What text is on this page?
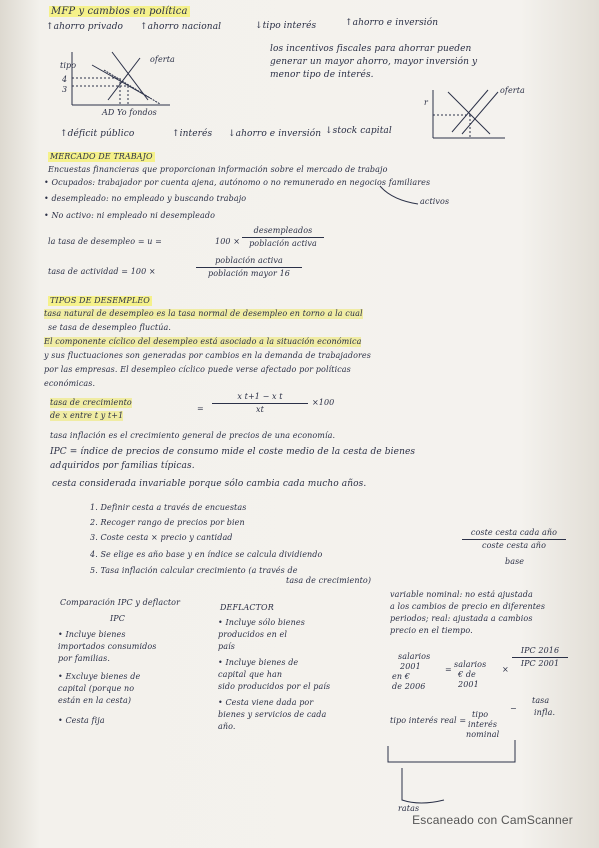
MFP y cambios en política

↑ahorro privado ↑ahorro nacional	↓tipo interés	↑ahorro e inversión

tipo

oferta

4

3

AD Yo fondos

los incentivos fiscales para ahorrar pueden

generar un mayor ahorro, mayor inversión y

menor tipo de interés.

r

oferta

↑déficit público	↑interés ↓ahorro e inversión ↓stock capital

MERCADO DE TRABAJO

Encuestas financieras que proporcionan información sobre el mercado de trabajo

• Ocupados: trabajador por cuenta ajena, autónomo o no remunerado en negocios familiares

• desempleado: no empleado y buscando trabajo

• No activo: ni empleado ni desempleado

activos

la tasa de desempleo = u =	100 ×

desempleados
población activa

tasa de actividad = 100 ×

población activa
población mayor 16

TIPOS DE DESEMPLEO

tasa natural de desempleo es la tasa normal de desempleo en torno a la cual

se tasa de desempleo fluctúa.

El componente cíclico del desempleo está asociado a la situación económica

y sus fluctuaciones son generadas por cambios en la demanda de trabajadores

por las empresas. El desempleo cíclico puede verse afectado por políticas

económicas.

tasa de crecimiento

de x entre t y t+1

=

x t+1 − x t
xt

×100

tasa inflación es el crecimiento general de precios de una economía.

IPC = índice de precios de consumo mide el coste medio de la cesta de bienes

adquiridos por familias típicas.

cesta considerada invariable porque sólo cambia cada mucho años.

1. Definir cesta a través de encuestas

2. Recoger rango de precios por bien

3. Coste cesta × precio y cantidad

4. Se elige es año base y en índice se calcula dividiendo

5. Tasa inflación calcular crecimiento (a través de

tasa de crecimiento)

coste cesta cada año
coste cesta año

base

Comparación IPC y deflactor

IPC

• Incluye bienes

importados consumidos

por familias.

• Excluye bienes de

capital (porque no

están en la cesta)

• Cesta fija

DEFLACTOR

• Incluye sólo bienes

producidos en el

país

• Incluye bienes de

capital que han

sido producidos por el país

• Cesta viene dada por

bienes y servicios de cada

año.

variable nominal: no está ajustada

a los cambios de precio en diferentes

periodos; real: ajustada a cambios

precio en el tiempo.

salarios

2001

en €

de 2006

=

salarios

€ de

2001

×

IPC 2016
IPC 2001

tipo interés real =

tipo

interés

nominal

−

tasa

infla.

ratas

Escaneado con CamScanner
